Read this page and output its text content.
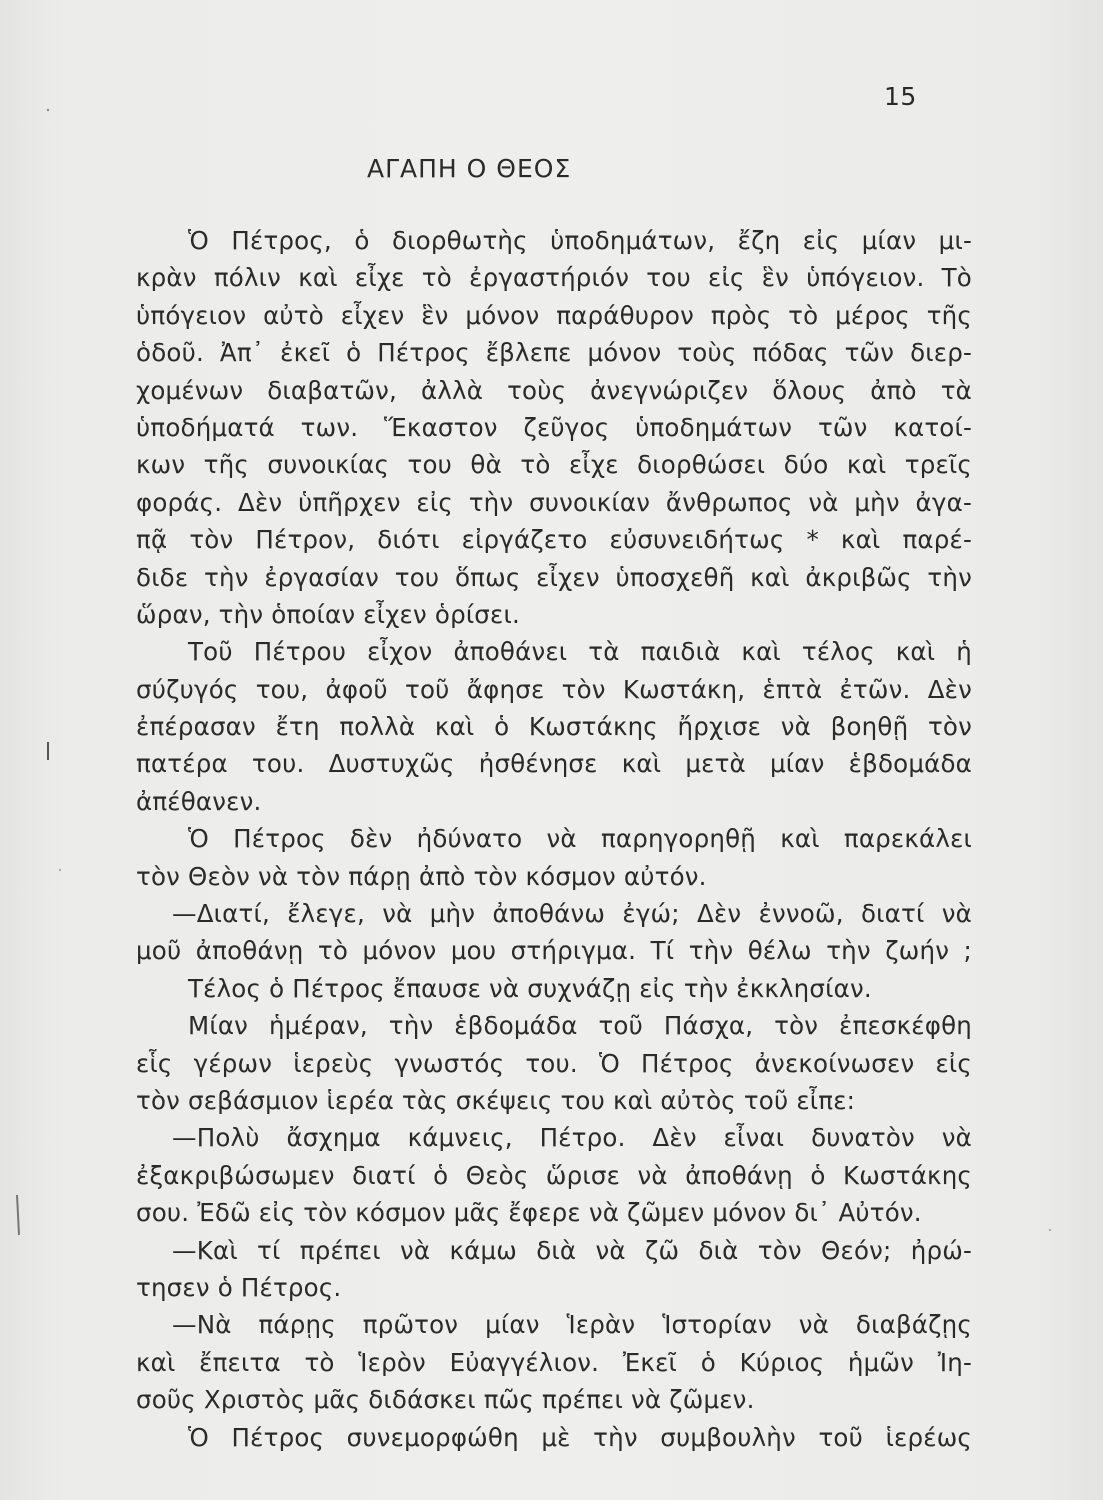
15
ΑΓΑΠΗ Ο ΘΕΟΣ
Ὁ Πέτρος, ὁ διορθωτὴς ὑποδημάτων, ἔζη εἰς μίαν μι-
κρὰν πόλιν καὶ εἶχε τὸ ἐργαστήριόν του εἰς ἓν ὑπόγειον. Τὸ
ὑπόγειον αὐτὸ εἶχεν ἓν μόνον παράθυρον πρὸς τὸ μέρος τῆς
ὁδοῦ. Ἀπ᾽ ἐκεῖ ὁ Πέτρος ἔβλεπε μόνον τοὺς πόδας τῶν διερ-
χομένων διαβατῶν, ἀλλὰ τοὺς ἀνεγνώριζεν ὅλους ἀπὸ τὰ
ὑποδήματά των. Ἕκαστον ζεῦγος ὑποδημάτων τῶν κατοί-
κων τῆς συνοικίας του θὰ τὸ εἶχε διορθώσει δύο καὶ τρεῖς
φοράς. Δὲν ὑπῆρχεν εἰς τὴν συνοικίαν ἄνθρωπος νὰ μὴν ἀγα-
πᾷ τὸν Πέτρον, διότι εἰργάζετο εὐσυνειδήτως * καὶ παρέ-
διδε τὴν ἐργασίαν του ὅπως εἶχεν ὑποσχεθῆ καὶ ἀκριβῶς τὴν
ὥραν, τὴν ὁποίαν εἶχεν ὁρίσει.
Τοῦ Πέτρου εἶχον ἀποθάνει τὰ παιδιὰ καὶ τέλος καὶ ἡ
σύζυγός του, ἀφοῦ τοῦ ἄφησε τὸν Κωστάκη, ἑπτὰ ἐτῶν. Δὲν
ἐπέρασαν ἔτη πολλὰ καὶ ὁ Κωστάκης ἤρχισε νὰ βοηθῇ τὸν
πατέρα του. Δυστυχῶς ἠσθένησε καὶ μετὰ μίαν ἑβδομάδα
ἀπέθανεν.
Ὁ Πέτρος δὲν ἠδύνατο νὰ παρηγορηθῇ καὶ παρεκάλει
τὸν Θεὸν νὰ τὸν πάρῃ ἀπὸ τὸν κόσμον αὐτόν.
—Διατί, ἔλεγε, νὰ μὴν ἀποθάνω ἐγώ; Δὲν ἐννοῶ, διατί νὰ
μοῦ ἀποθάνῃ τὸ μόνον μου στήριγμα. Τί τὴν θέλω τὴν ζωήν ;
Τέλος ὁ Πέτρος ἔπαυσε νὰ συχνάζῃ εἰς τὴν ἐκκλησίαν.
Μίαν ἡμέραν, τὴν ἑβδομάδα τοῦ Πάσχα, τὸν ἐπεσκέφθη
εἷς γέρων ἱερεὺς γνωστός του. Ὁ Πέτρος ἀνεκοίνωσεν εἰς
τὸν σεβάσμιον ἱερέα τὰς σκέψεις του καὶ αὐτὸς τοῦ εἶπε:
—Πολὺ ἄσχημα κάμνεις, Πέτρο. Δὲν εἶναι δυνατὸν νὰ
ἐξακριβώσωμεν διατί ὁ Θεὸς ὥρισε νὰ ἀποθάνῃ ὁ Κωστάκης
σου. Ἐδῶ εἰς τὸν κόσμον μᾶς ἔφερε νὰ ζῶμεν μόνον δι᾽ Αὐτόν.
—Καὶ τί πρέπει νὰ κάμω διὰ νὰ ζῶ διὰ τὸν Θεόν; ἠρώ-
τησεν ὁ Πέτρος.
—Νὰ πάρῃς πρῶτον μίαν Ἱερὰν Ἱστορίαν νὰ διαβάζῃς
καὶ ἔπειτα τὸ Ἱερὸν Εὐαγγέλιον. Ἐκεῖ ὁ Κύριος ἡμῶν Ἰη-
σοῦς Χριστὸς μᾶς διδάσκει πῶς πρέπει νὰ ζῶμεν.
Ὁ Πέτρος συνεμορφώθη μὲ τὴν συμβουλὴν τοῦ ἱερέως
